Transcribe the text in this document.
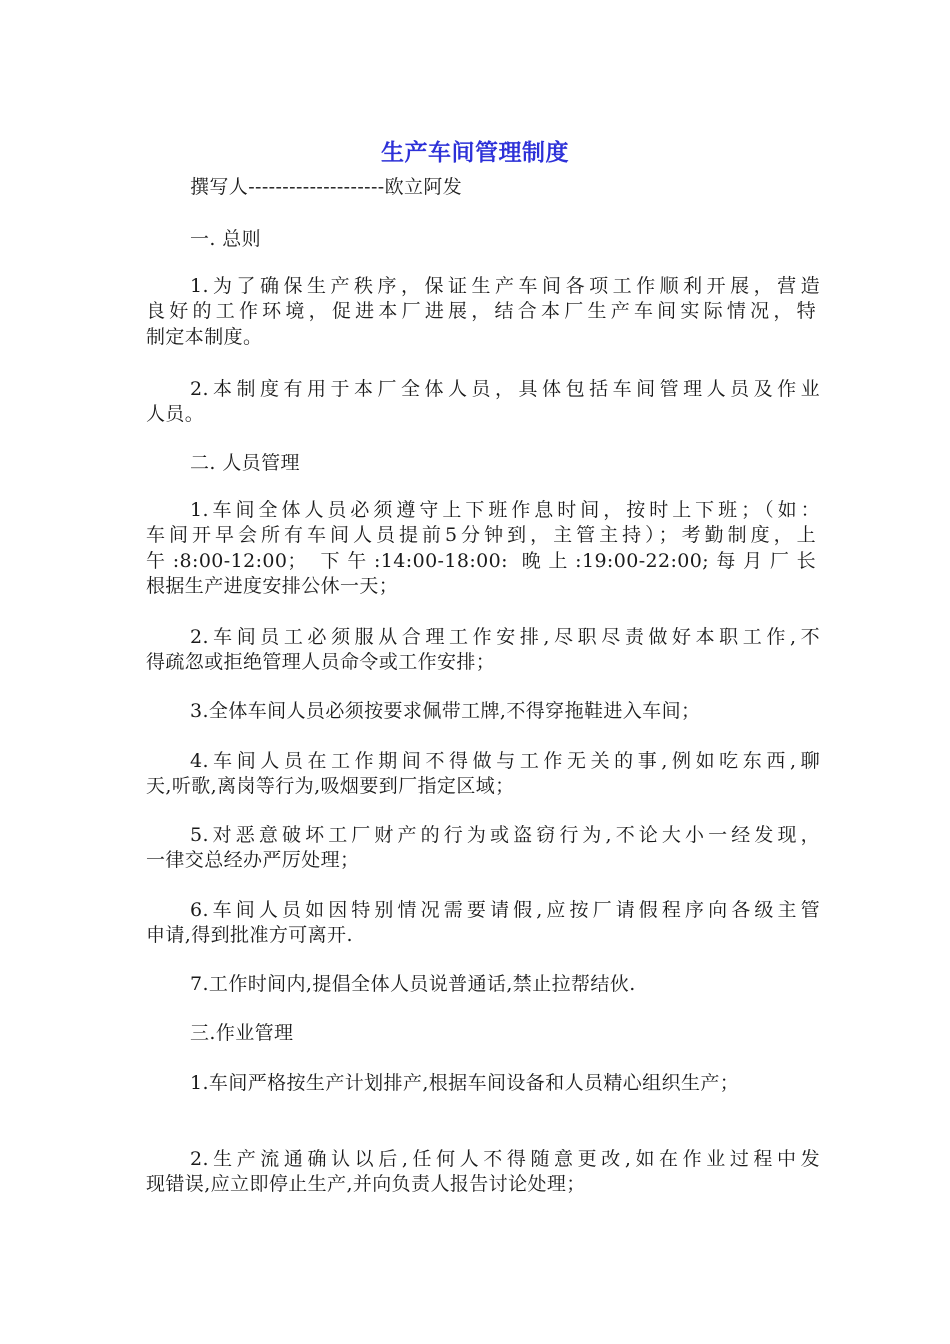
生产车间管理制度
撰写人--------------------欧立阿发
一. 总则
1.为了确保生产秩序，保证生产车间各项工作顺利开展，营造
良好的工作环境，促进本厂进展，结合本厂生产车间实际情况，特
制定本制度。
2.本制度有用于本厂全体人员，具体包括车间管理人员及作业
人员。
二. 人员管理
1.车间全体人员必须遵守上下班作息时间，按时上下班；（如：
车间开早会所有车间人员提前5分钟到，主管主持）；考勤制度，上
午:8:00-12:00； 下午:14:00-18:00: 晚上:19:00-22:00;每月厂长
根据生产进度安排公休一天；
2.车间员工必须服从合理工作安排,尽职尽责做好本职工作,不
得疏忽或拒绝管理人员命令或工作安排；
3.全体车间人员必须按要求佩带工牌,不得穿拖鞋进入车间；
4.车间人员在工作期间不得做与工作无关的事,例如吃东西,聊
天,听歌,离岗等行为,吸烟要到厂指定区域；
5.对恶意破坏工厂财产的行为或盗窃行为,不论大小一经发现，
一律交总经办严厉处理；
6.车间人员如因特别情况需要请假,应按厂请假程序向各级主管
申请,得到批准方可离开.
7.工作时间内,提倡全体人员说普通话,禁止拉帮结伙.
三.作业管理
1.车间严格按生产计划排产,根据车间设备和人员精心组织生产；
2.生产流通确认以后,任何人不得随意更改,如在作业过程中发
现错误,应立即停止生产,并向负责人报告讨论处理；
